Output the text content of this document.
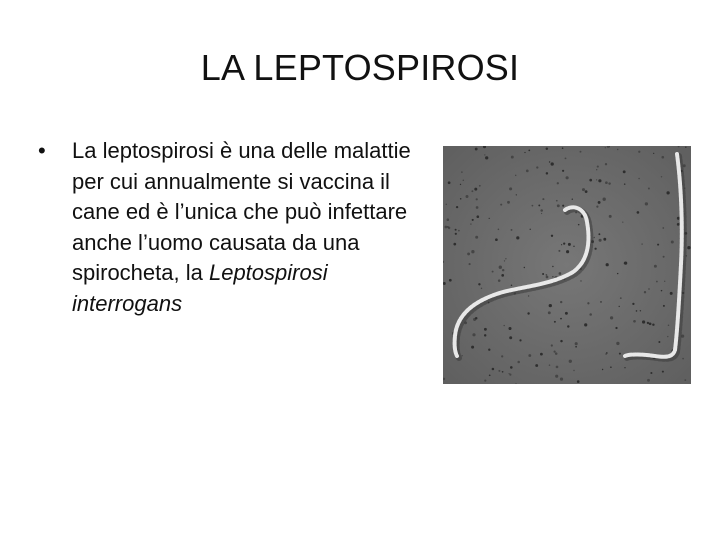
LA LEPTOSPIROSI
• La leptospirosi è una delle malattie per cui annualmente si vaccina il cane ed è l’unica che può infettare anche l’uomo causata da una spirocheta, la Leptospirosi interrogans
